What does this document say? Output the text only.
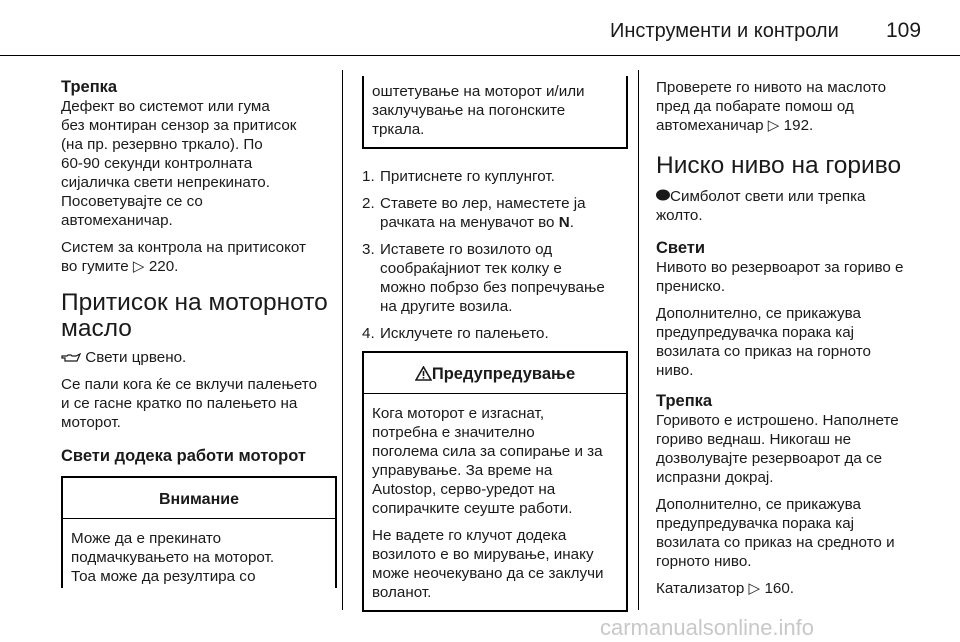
Инструменти и контроли 109
Трепка

Дефект во системот или гума
без монтиран сензор за притисок
(на пр. резервно тркало). По
60-90 секунди контролната
сијаличка свети непрекинато.
Посоветувајте се со
автомеханичар.

Систем за контрола на притисокот
во гумите ▷ 220.

Притисок на моторното
масло

Свети црвено.

Се пали кога ќе се вклучи палењето
и се гасне кратко по палењето на
моторот.

Свети додека работи моторот
Внимание
Може да е прекинато
подмачкувањето на моторот.
Тоа може да резултира со
оштетување на моторот и/или
заклучување на погонските
тркала.
1. Притиснете го куплунгот.
2. Ставете во лер, наместете ја
рачката на менувачот во N.
3. Иставете го возилото од
сообраќајниот тек колку е
можно побрзо без попречување
на другите возила.
4. Исклучете го палењето.
Предупредување

Кога моторот е изгаснат,
потребна е значително
поголема сила за сопирање и за
управување. За време на
Autostop, серво-уредот на
сопирачките сеуште работи.

Не вадете го клучот додека
возилото е во мирување, инаку
може неочекувано да се заклучи
воланот.

Проверете го нивото на маслото
пред да побарате помош од
автомеханичар ▷ 192.

Ниско ниво на гориво

Симболот свети или трепка
жолто.

Свети

Нивото во резервоарот за гориво е
прениско.

Дополнително, се прикажува
предупредувачка порака кај
возилата со приказ на горното
ниво.

Трепка

Горивото е истрошено. Наполнете
гориво веднаш. Никогаш не
дозволувајте резервоарот да се
испразни докрај.

Дополнително, се прикажува
предупредувачка порака кај
возилата со приказ на средното и
горното ниво.

Катализатор ▷ 160.

carmanualsonline.info
